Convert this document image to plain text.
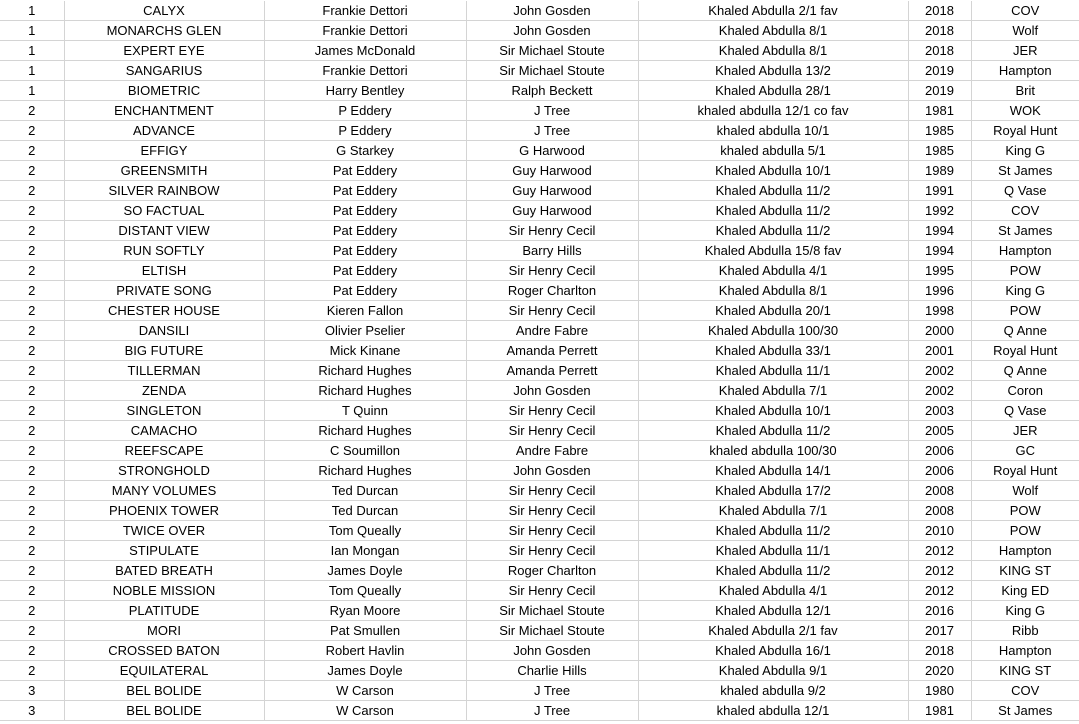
1	CALYX	Frankie Dettori	John Gosden	Khaled Abdulla 2/1 fav	2018	COV
1	MONARCHS GLEN	Frankie Dettori	John Gosden	Khaled Abdulla 8/1	2018	Wolf
1	EXPERT EYE	James McDonald	Sir Michael Stoute	Khaled Abdulla 8/1	2018	JER
1	SANGARIUS	Frankie Dettori	Sir Michael Stoute	Khaled Abdulla 13/2	2019	Hampton
1	BIOMETRIC	Harry Bentley	Ralph Beckett	Khaled Abdulla 28/1	2019	Brit
2	ENCHANTMENT	P Eddery	J Tree	khaled abdulla 12/1 co fav	1981	WOK
2	ADVANCE	P Eddery	J Tree	khaled abdulla 10/1	1985	Royal Hunt
2	EFFIGY	G Starkey	G Harwood	khaled abdulla 5/1	1985	King G
2	GREENSMITH	Pat Eddery	Guy Harwood	Khaled Abdulla 10/1	1989	St James
2	SILVER RAINBOW	Pat Eddery	Guy Harwood	Khaled Abdulla 11/2	1991	Q Vase
2	SO FACTUAL	Pat Eddery	Guy Harwood	Khaled Abdulla 11/2	1992	COV
2	DISTANT VIEW	Pat Eddery	Sir Henry Cecil	Khaled Abdulla 11/2	1994	St James
2	RUN SOFTLY	Pat Eddery	Barry Hills	Khaled Abdulla 15/8 fav	1994	Hampton
2	ELTISH	Pat Eddery	Sir Henry Cecil	Khaled Abdulla 4/1	1995	POW
2	PRIVATE SONG	Pat Eddery	Roger Charlton	Khaled Abdulla 8/1	1996	King G
2	CHESTER HOUSE	Kieren Fallon	Sir Henry Cecil	Khaled Abdulla 20/1	1998	POW
2	DANSILI	Olivier Pselier	Andre Fabre	Khaled Abdulla 100/30	2000	Q Anne
2	BIG FUTURE	Mick Kinane	Amanda Perrett	Khaled Abdulla 33/1	2001	Royal Hunt
2	TILLERMAN	Richard Hughes	Amanda Perrett	Khaled Abdulla 11/1	2002	Q Anne
2	ZENDA	Richard Hughes	John Gosden	Khaled Abdulla 7/1	2002	Coron
2	SINGLETON	T Quinn	Sir Henry Cecil	Khaled Abdulla 10/1	2003	Q Vase
2	CAMACHO	Richard Hughes	Sir Henry Cecil	Khaled Abdulla 11/2	2005	JER
2	REEFSCAPE	C Soumillon	Andre Fabre	khaled abdulla 100/30	2006	GC
2	STRONGHOLD	Richard Hughes	John Gosden	Khaled Abdulla 14/1	2006	Royal Hunt
2	MANY VOLUMES	Ted Durcan	Sir Henry Cecil	Khaled Abdulla 17/2	2008	Wolf
2	PHOENIX TOWER	Ted Durcan	Sir Henry Cecil	Khaled Abdulla 7/1	2008	POW
2	TWICE OVER	Tom Queally	Sir Henry Cecil	Khaled Abdulla 11/2	2010	POW
2	STIPULATE	Ian Mongan	Sir Henry Cecil	Khaled Abdulla 11/1	2012	Hampton
2	BATED BREATH	James Doyle	Roger Charlton	Khaled Abdulla 11/2	2012	KING ST
2	NOBLE MISSION	Tom Queally	Sir Henry Cecil	Khaled Abdulla 4/1	2012	King ED
2	PLATITUDE	Ryan Moore	Sir Michael Stoute	Khaled Abdulla 12/1	2016	King G
2	MORI	Pat Smullen	Sir Michael Stoute	Khaled Abdulla 2/1 fav	2017	Ribb
2	CROSSED BATON	Robert Havlin	John Gosden	Khaled Abdulla 16/1	2018	Hampton
2	EQUILATERAL	James Doyle	Charlie Hills	Khaled Abdulla 9/1	2020	KING ST
3	BEL BOLIDE	W Carson	J Tree	khaled abdulla 9/2	1980	COV
3	BEL BOLIDE	W Carson	J Tree	khaled abdulla 12/1	1981	St James
